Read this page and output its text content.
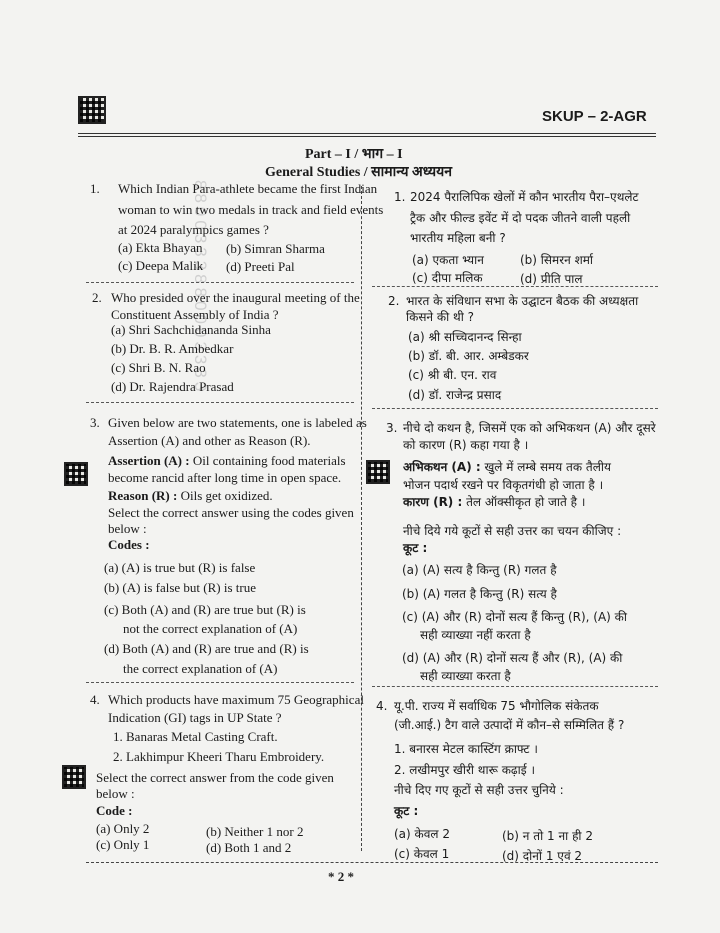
SKUP – 2-AGR
Part – I / भाग – I
General Studies / सामान्य अध्ययन
8800333880003333
1. Which Indian Para-athlete became the first Indian
woman to win two medals in track and field events
at 2024 paralympics games ?
(a) Ekta Bhayan (b) Simran Sharma
(c) Deepa Malik (d) Preeti Pal
1. 2024 पैरालिपिक खेलों में कौन भारतीय पैरा–एथलेट
ट्रैक और फील्ड इवेंट में दो पदक जीतने वाली पहली
भारतीय महिला बनी ?
(a) एकता भ्यान	(b) सिमरन शर्मा
(c) दीपा मलिक	(d) प्रीति पाल
2. Who presided over the inaugural meeting of the
Constituent Assembly of India ?
(a) Shri Sachchidananda Sinha
(b) Dr. B. R. Ambedkar
(c) Shri B. N. Rao
(d) Dr. Rajendra Prasad
2. भारत के संविधान सभा के उद्घाटन बैठक की अध्यक्षता
किसने की थी ?
(a) श्री सच्चिदानन्द सिन्हा
(b) डॉ. बी. आर. अम्बेडकर
(c) श्री बी. एन. राव
(d) डॉ. राजेन्द्र प्रसाद
3. Given below are two statements, one is labeled as
Assertion (A) and other as Reason (R).
Assertion (A) : Oil containing food materials
become rancid after long time in open space.
Reason (R) : Oils get oxidized.
Select the correct answer using the codes given
below :
Codes :
(a) (A) is true but (R) is false
(b) (A) is false but (R) is true
(c) Both (A) and (R) are true but (R) is
not the correct explanation of (A)
(d) Both (A) and (R) are true and (R) is
the correct explanation of (A)
3. नीचे दो कथन है, जिसमें एक को अभिकथन (A) और दूसरे
को कारण (R) कहा गया है ।
अभिकथन (A) : खुले में लम्बे समय तक तैलीय
भोजन पदार्थ रखने पर विकृतगंधी हो जाता है ।
कारण (R) : तेल ऑक्सीकृत हो जाते है ।
नीचे दिये गये कूटों से सही उत्तर का चयन कीजिए :
कूट :
(a) (A) सत्य है किन्तु (R) गलत है
(b) (A) गलत है किन्तु (R) सत्य है
(c) (A) और (R) दोनों सत्य हैं किन्तु (R), (A) की
सही व्याख्या नहीं करता है
(d) (A) और (R) दोनों सत्य हैं और (R), (A) की
सही व्याख्या करता है
4. Which products have maximum 75 Geographical
Indication (GI) tags in UP State ?
1. Banaras Metal Casting Craft.
2. Lakhimpur Kheeri Tharu Embroidery.
Select the correct answer from the code given
below :
Code :
(a) Only 2	(b) Neither 1 nor 2
(c) Only 1	(d) Both 1 and 2
4. यू.पी. राज्य में सर्वाधिक 75 भौगोलिक संकेतक
(जी.आई.) टैग वाले उत्पादों में कौन–से सम्मिलित हैं ?
1. बनारस मेटल कास्टिंग क्राफ्ट ।
2. लखीमपुर खीरी थारू कढ़ाई ।
नीचे दिए गए कूटों से सही उत्तर चुनिये :
कूट :
(a) केवल 2	(b) न तो 1 ना ही 2
(c) केवल 1	(d) दोनों 1 एवं 2
* 2 *
